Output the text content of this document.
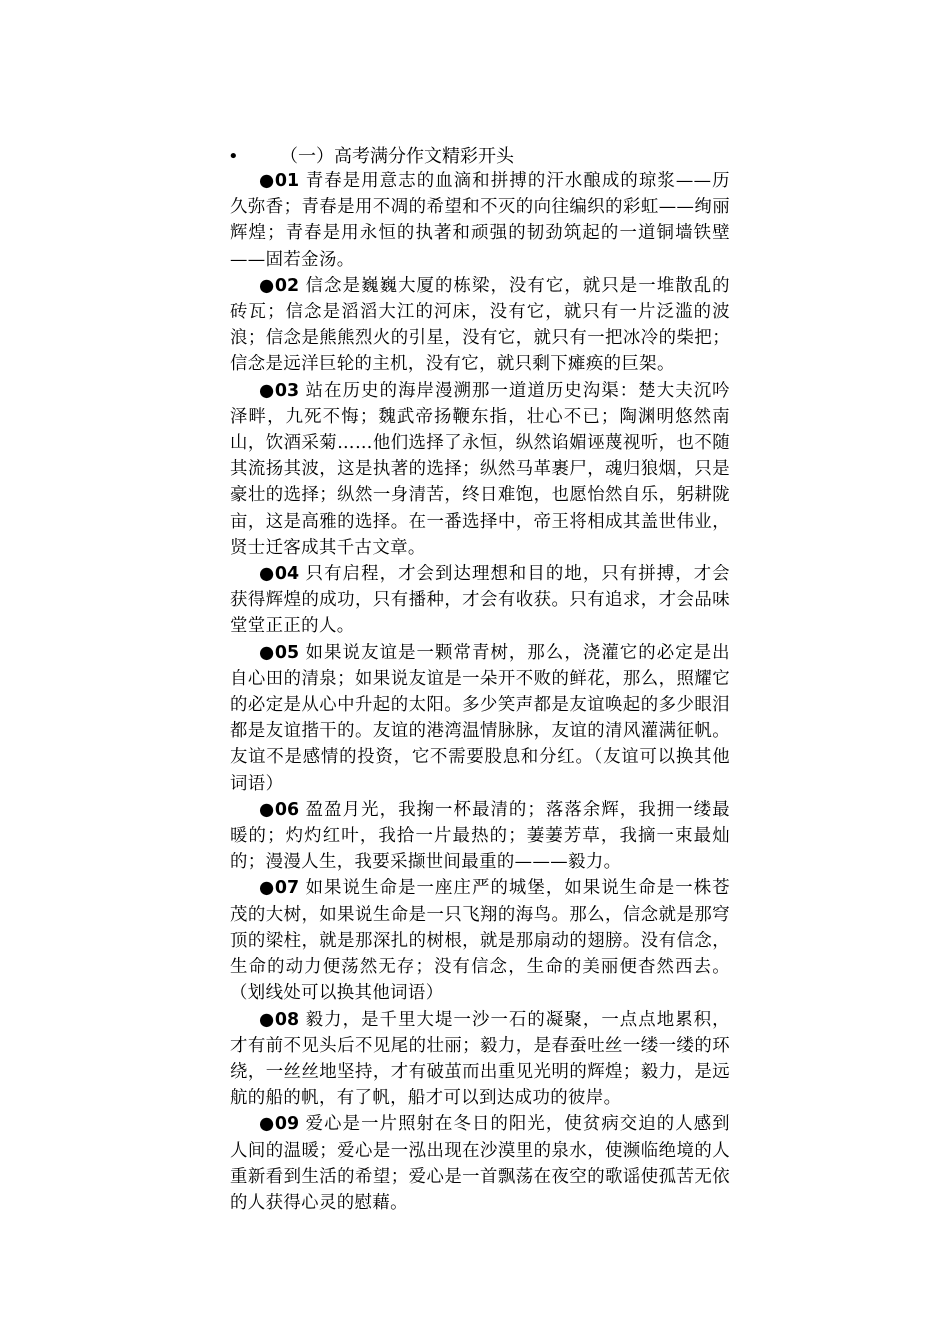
• （一）高考满分作文精彩开头

●01 青春是用意志的血滴和拼搏的汗水酿成的琼浆——历久弥香；青春是用不凋的希望和不灭的向往编织的彩虹——绚丽辉煌；青春是用永恒的执著和顽强的韧劲筑起的一道铜墙铁壁——固若金汤。

●02 信念是巍巍大厦的栋梁，没有它，就只是一堆散乱的砖瓦；信念是滔滔大江的河床，没有它，就只有一片泛滥的波浪；信念是熊熊烈火的引星，没有它，就只有一把冰冷的柴把；信念是远洋巨轮的主机，没有它，就只剩下瘫痪的巨架。

●03 站在历史的海岸漫溯那一道道历史沟渠：楚大夫沉吟泽畔，九死不悔；魏武帝扬鞭东指，壮心不已；陶渊明悠然南山，饮酒采菊……他们选择了永恒，纵然谄媚诬蔑视听，也不随其流扬其波，这是执著的选择；纵然马革裹尸，魂归狼烟，只是豪壮的选择；纵然一身清苦，终日难饱，也愿怡然自乐，躬耕陇亩，这是高雅的选择。在一番选择中，帝王将相成其盖世伟业，贤士迁客成其千古文章。

●04 只有启程，才会到达理想和目的地，只有拼搏，才会获得辉煌的成功，只有播种，才会有收获。只有追求，才会品味堂堂正正的人。

●05 如果说友谊是一颗常青树，那么，浇灌它的必定是出自心田的清泉；如果说友谊是一朵开不败的鲜花，那么，照耀它的必定是从心中升起的太阳。多少笑声都是友谊唤起的多少眼泪都是友谊揩干的。友谊的港湾温情脉脉，友谊的清风灌满征帆。友谊不是感情的投资，它不需要股息和分红。（友谊可以换其他词语）

●06 盈盈月光，我掬一杯最清的；落落余辉，我拥一缕最暖的；灼灼红叶，我拾一片最热的；萋萋芳草，我摘一束最灿的；漫漫人生，我要采撷世间最重的———毅力。

●07 如果说生命是一座庄严的城堡，如果说生命是一株苍茂的大树，如果说生命是一只飞翔的海鸟。那么，信念就是那穹顶的梁柱，就是那深扎的树根，就是那扇动的翅膀。没有信念，生命的动力便荡然无存；没有信念，生命的美丽便杳然西去。（划线处可以换其他词语）

●08 毅力，是千里大堤一沙一石的凝聚，一点点地累积，才有前不见头后不见尾的壮丽；毅力，是春蚕吐丝一缕一缕的环绕，一丝丝地坚持，才有破茧而出重见光明的辉煌；毅力，是远航的船的帆，有了帆，船才可以到达成功的彼岸。

●09 爱心是一片照射在冬日的阳光，使贫病交迫的人感到人间的温暖；爱心是一泓出现在沙漠里的泉水，使濒临绝境的人重新看到生活的希望；爱心是一首飘荡在夜空的歌谣使孤苦无依的人获得心灵的慰藉。
